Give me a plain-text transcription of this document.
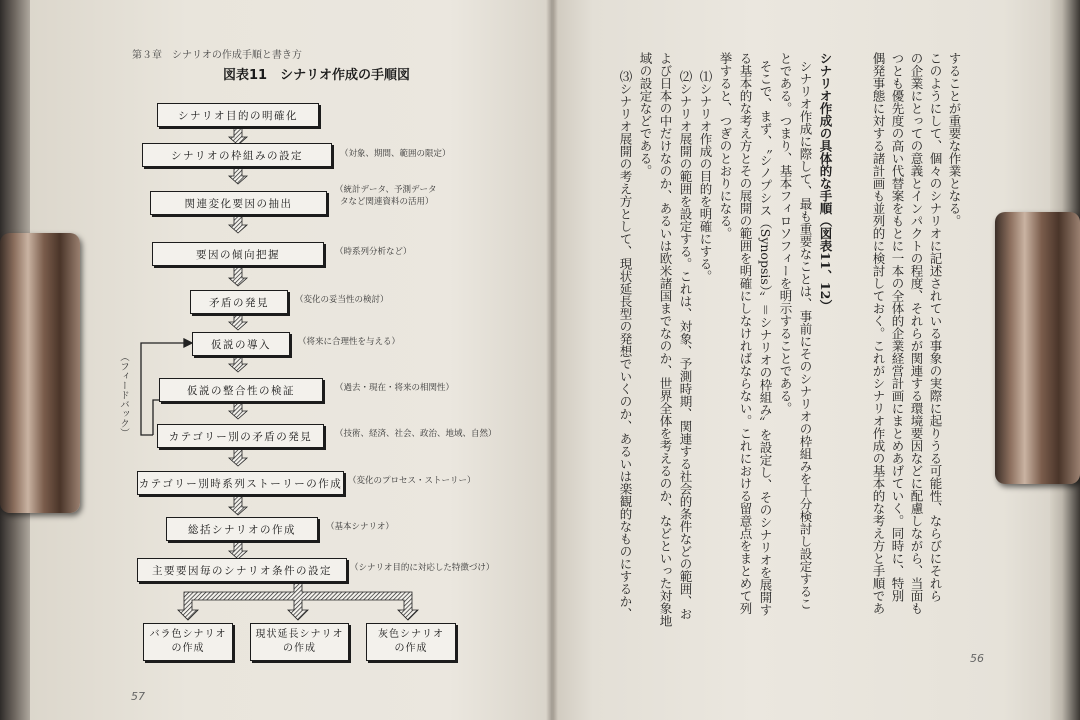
第３章　シナリオの作成手順と書き方
図表11　シナリオ作成の手順図
シナリオ目的の明確化
シナリオの枠組みの設定	（対象、期間、範囲の限定）
関連変化要因の抽出
（統計データ、予測データ
タなど関連資料の活用）
要因の傾向把握	（時系列分析など）
矛盾の発見	（変化の妥当性の検討）
仮説の導入	（将来に合理性を与える）
仮説の整合性の検証	（過去・現在・将来の相関性）
カテゴリー別の矛盾の発見	（技術、経済、社会、政治、地域、自然）
カテゴリー別時系列ストーリーの作成 （変化のプロセス・ストーリー）
総括シナリオの作成	（基本シナリオ）
主要要因毎のシナリオ条件の設定 （シナリオ目的に対応した特徴づけ）
バラ色シナリオ
の作成
現状延長シナリオ
の作成
灰色シナリオ
の作成
（フィードバック）
57
偶発事態に対する諸計画も並列的に検討しておく。これがシナリオ作成の基本的な考え方と手順であ つとも優先度の高い代替案をもとに一本の全体的企業経営計画にまとめあげていく。同時に、特別 の企業にとっての意義とインパクトの程度、それらが関連する環境要因などに配慮しながら、当面も このようにして、個々のシナリオに記述されている事象の実際に起りうる可能性、ならびにそれら することが重要な作業となる。
シナリオ作成の具体的な手順（図表11、12）
シナリオ作成に際して、最も重要なことは、事前にそのシナリオの枠組みを十分検討し設定するこ
とである。つまり、基本フィロソフィーを明示することである。
そこで、まず、〝シノプシス（Synopsis）〟＝シナリオの枠組み〟を設定し、そのシナリオを展開す
る基本的な考え方とその展開の範囲を明確にしなければならない。これにおける留意点をまとめて列
挙すると、つぎのとおりになる。
⑴シナリオ作成の目的を明確にする。
⑵シナリオ展開の範囲を設定する。これは、対象、予測時期、関連する社会的条件などの範囲、お
よび日本の中だけなのか、あるいは欧米諸国までなのか、世界全体を考えるのか、などといった対象地
域の設定などである。
⑶シナリオ展開の考え方として、現状延長型の発想でいくのか、あるいは楽観的なものにするか、
56
